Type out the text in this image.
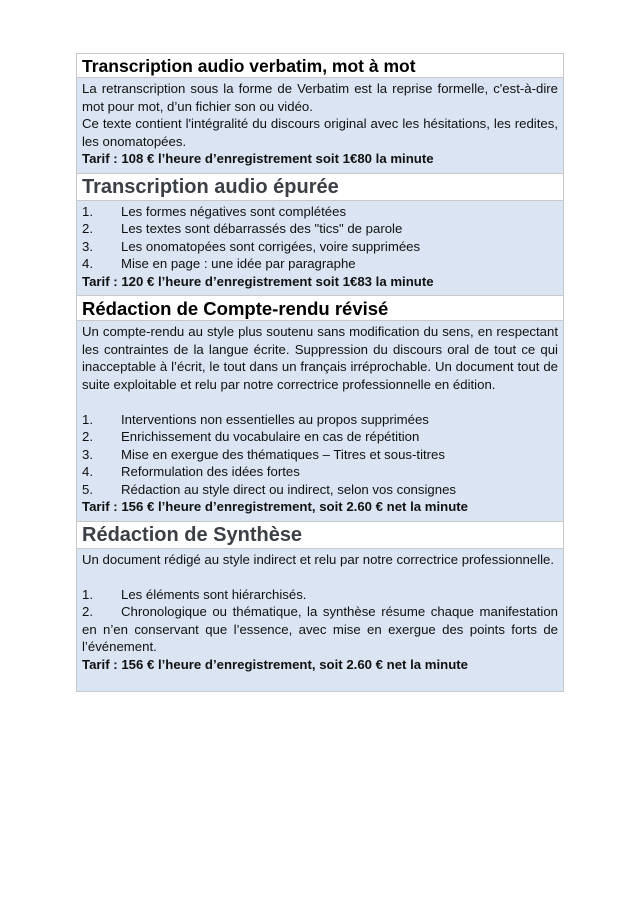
Transcription audio verbatim, mot à mot
La retranscription sous la forme de Verbatim est la reprise formelle, c'est-à-dire mot pour mot, d’un fichier son ou vidéo.
Ce texte contient l'intégralité du discours original avec les hésitations, les redites, les onomatopées.
Tarif : 108 € l’heure d’enregistrement soit 1€80 la minute
Transcription audio épurée
1.	Les formes négatives sont complétées
2.	Les textes sont débarrassés des "tics" de parole
3.	Les onomatopées sont corrigées, voire supprimées
4.	Mise en page : une idée par paragraphe
Tarif : 120 € l’heure d’enregistrement soit 1€83 la minute
Rédaction de Compte-rendu révisé
Un compte-rendu au style plus soutenu sans modification du sens, en respectant les contraintes de la langue écrite. Suppression du discours oral de tout ce qui inacceptable à l’écrit, le tout dans un français irréprochable. Un document tout de suite exploitable et relu par notre correctrice professionnelle en édition.
1.	Interventions non essentielles au propos supprimées
2.	Enrichissement du vocabulaire en cas de répétition
3.	Mise en exergue des thématiques – Titres et sous-titres
4.	Reformulation des idées fortes
5.	Rédaction au style direct ou indirect, selon vos consignes
Tarif : 156 € l’heure d’enregistrement, soit 2.60 € net la minute
Rédaction de Synthèse
Un document rédigé au style indirect et relu par notre correctrice professionnelle.
1.	Les éléments sont hiérarchisés.
2. Chronologique ou thématique, la synthèse résume chaque manifestation en n’en conservant que l’essence, avec mise en exergue des points forts de l’événement.
Tarif : 156 € l’heure d’enregistrement, soit 2.60 € net la minute
